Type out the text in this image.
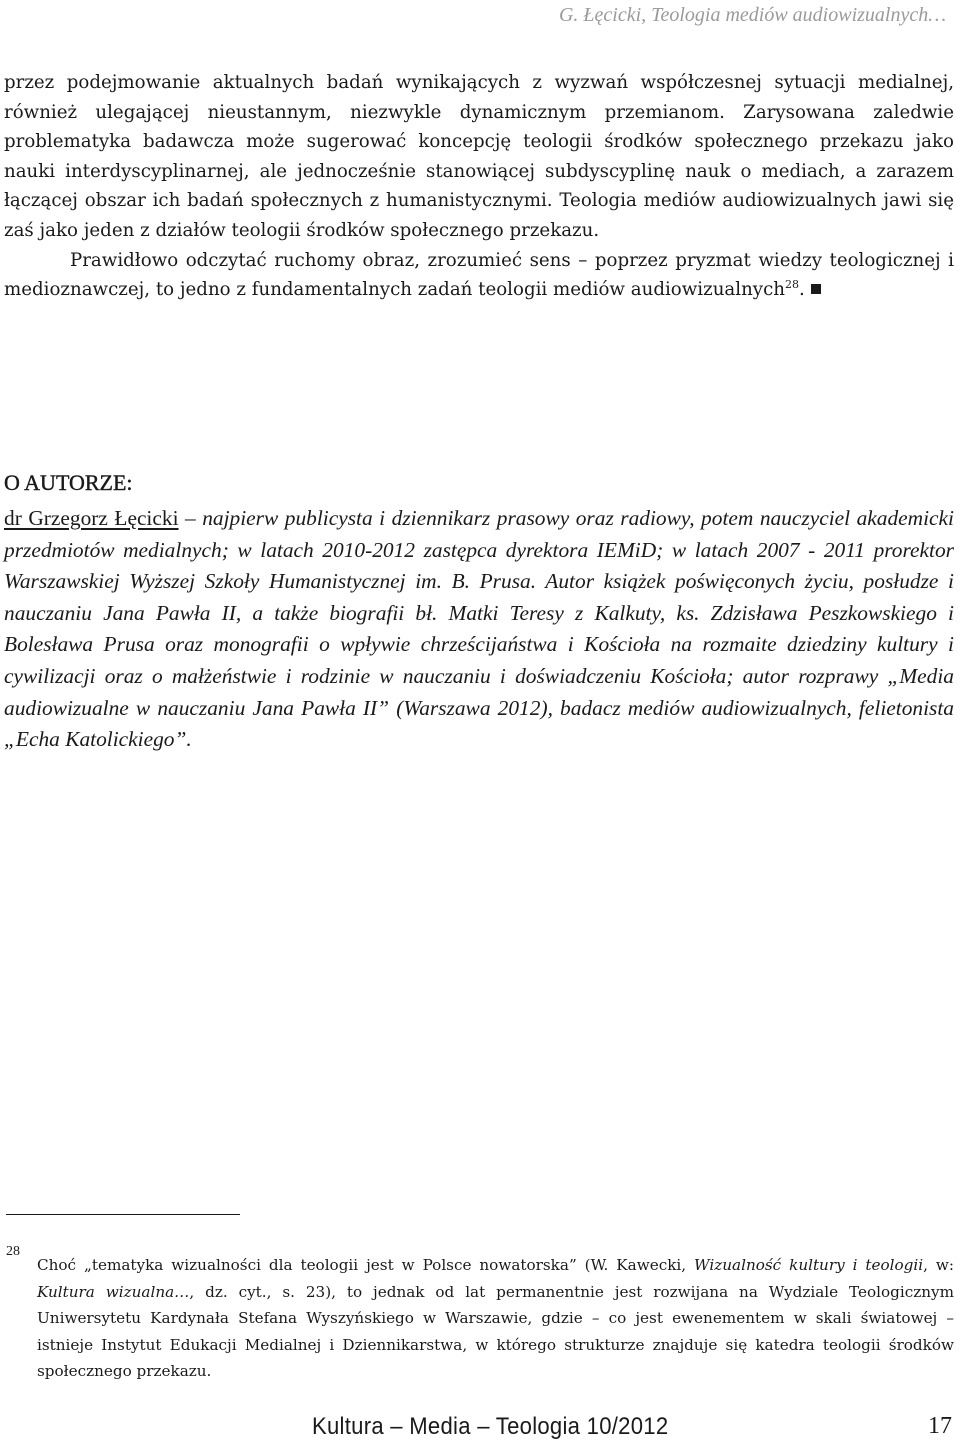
G. Łęcicki, Teologia mediów audiowizualnych…

przez podejmowanie aktualnych badań wynikających z wyzwań współczesnej sytuacji medialnej, również ulegającej nieustannym, niezwykle dynamicznym przemianom. Zarysowana zaledwie problematyka badawcza może sugerować koncepcję teologii środków społecznego przekazu jako nauki interdyscyplinarnej, ale jednocześnie stanowiącej subdyscyplinę nauk o mediach, a zarazem łączącej obszar ich badań społecznych z humanistycznymi. Teologia mediów audiowizualnych jawi się zaś jako jeden z działów teologii środków społecznego przekazu.

Prawidłowo odczytać ruchomy obraz, zrozumieć sens – poprzez pryzmat wiedzy teologicznej i medioznawczej, to jedno z fundamentalnych zadań teologii mediów audiowizualnych$^{28}$.

O AUTORZE:

dr Grzegorz Łęcicki – najpierw publicysta i dziennikarz prasowy oraz radiowy, potem nauczyciel akademicki przedmiotów medialnych; w latach 2010-2012 zastępca dyrektora IEMiD; w latach 2007 - 2011 prorektor Warszawskiej Wyższej Szkoły Humanistycznej im. B. Prusa. Autor książek poświęconych życiu, posłudze i nauczaniu Jana Pawła II, a także biografii bł. Matki Teresy z Kalkuty, ks. Zdzisława Peszkowskiego i Bolesława Prusa oraz monografii o wpływie chrześcijaństwa i Kościoła na rozmaite dziedziny kultury i cywilizacji oraz o małżeństwie i rodzinie w nauczaniu i doświadczeniu Kościoła; autor rozprawy „Media audiowizualne w nauczaniu Jana Pawła II” (Warszawa 2012), badacz mediów audiowizualnych, felietonista „Echa Katolickiego”.

28

Choć „tematyka wizualności dla teologii jest w Polsce nowatorska” (W. Kawecki, Wizualność kultury i teologii, w: Kultura wizualna…, dz. cyt., s. 23), to jednak od lat permanentnie jest rozwijana na Wydziale Teologicznym Uniwersytetu Kardynała Stefana Wyszyńskiego w Warszawie, gdzie – co jest ewenementem w skali światowej – istnieje Instytut Edukacji Medialnej i Dziennikarstwa, w którego strukturze znajduje się katedra teologii środków społecznego przekazu.

Kultura – Media – Teologia 10/2012	17
